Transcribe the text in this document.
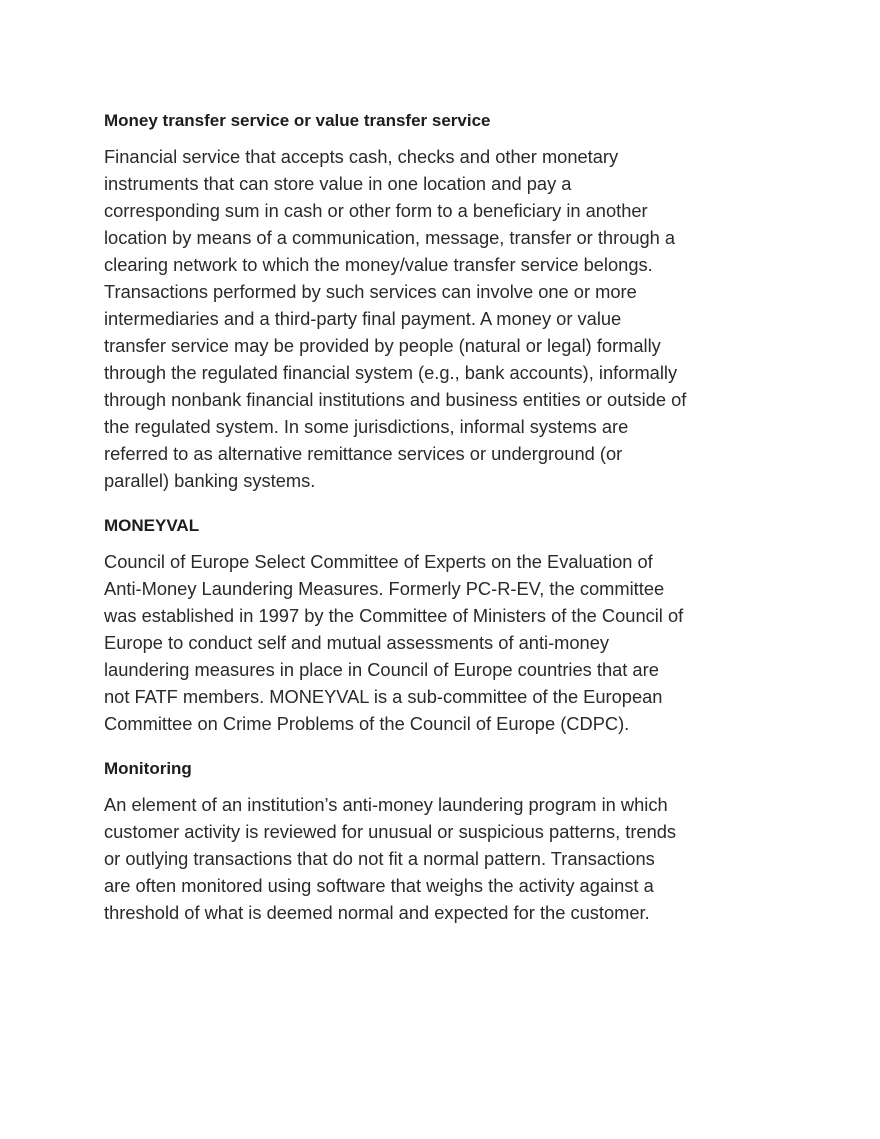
Money transfer service or value transfer service

Financial service that accepts cash, checks and other monetary
instruments that can store value in one location and pay a
corresponding sum in cash or other form to a beneficiary in another
location by means of a communication, message, transfer or through a
clearing network to which the money/value transfer service belongs.
Transactions performed by such services can involve one or more
intermediaries and a third-party final payment. A money or value
transfer service may be provided by people (natural or legal) formally
through the regulated financial system (e.g., bank accounts), informally
through nonbank financial institutions and business entities or outside of
the regulated system. In some jurisdictions, informal systems are
referred to as alternative remittance services or underground (or
parallel) banking systems.

MONEYVAL

Council of Europe Select Committee of Experts on the Evaluation of
Anti-Money Laundering Measures. Formerly PC-R-EV, the committee
was established in 1997 by the Committee of Ministers of the Council of
Europe to conduct self and mutual assessments of anti-money
laundering measures in place in Council of Europe countries that are
not FATF members. MONEYVAL is a sub-committee of the European
Committee on Crime Problems of the Council of Europe (CDPC).

Monitoring

An element of an institution’s anti-money laundering program in which
customer activity is reviewed for unusual or suspicious patterns, trends
or outlying transactions that do not fit a normal pattern. Transactions
are often monitored using software that weighs the activity against a
threshold of what is deemed normal and expected for the customer.
